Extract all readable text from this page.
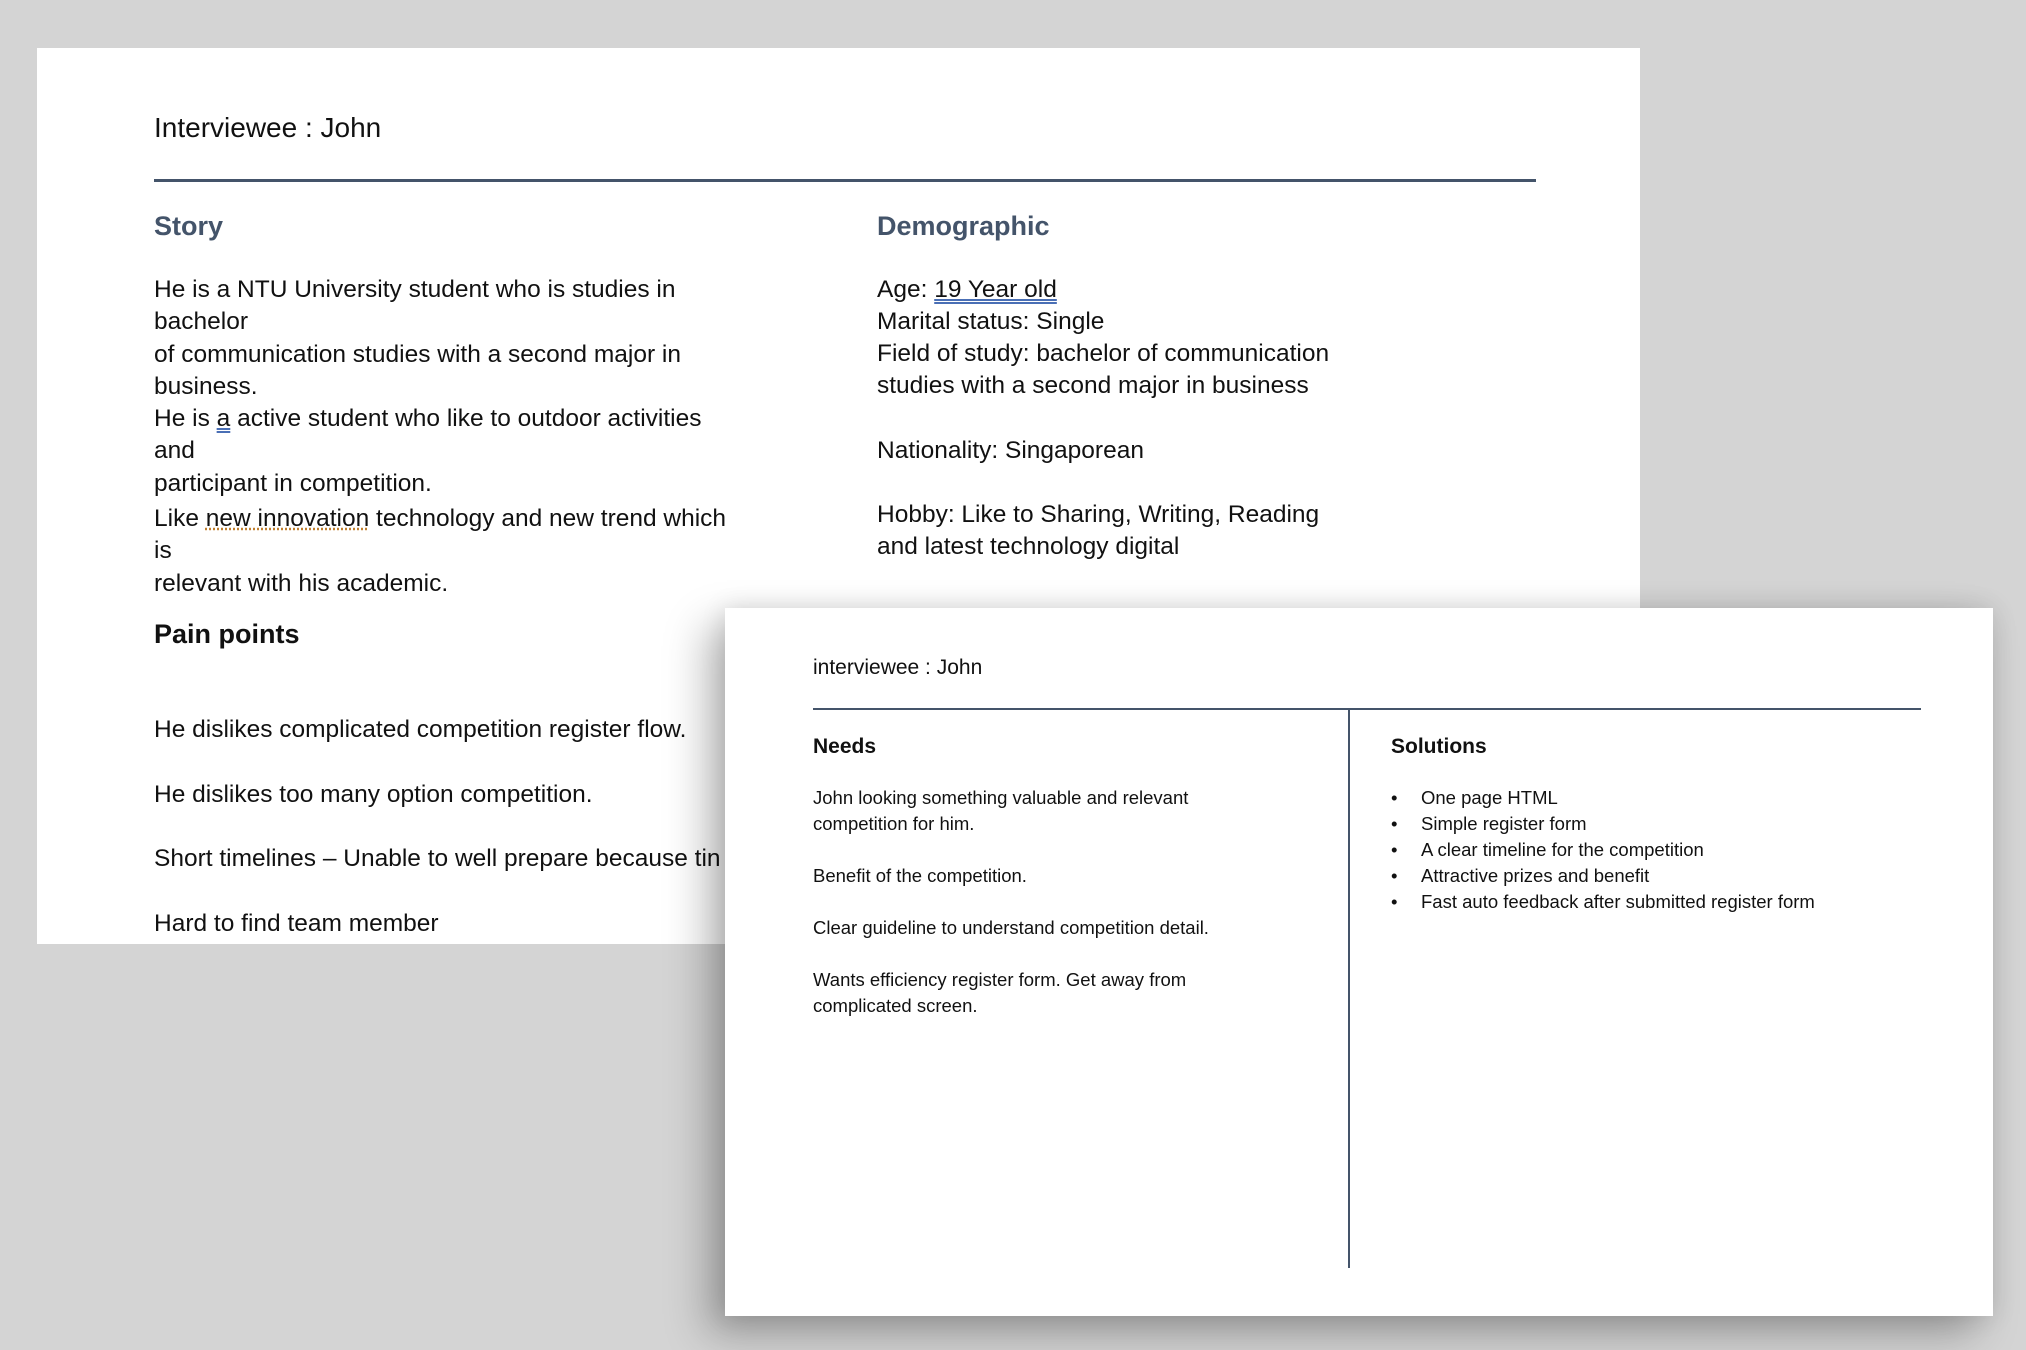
Interviewee : John
Story
He is a NTU University student who is studies in bachelor
of communication studies with a second major in
business.
He is a active student who like to outdoor activities and
participant in competition.
Like new innovation technology and new trend which is
relevant with his academic.
Pain points

He dislikes complicated competition register flow.

He dislikes too many option competition.

Short timelines – Unable to well prepare because tin

Hard to find team member

Demographic
Age: 19 Year old
Marital status: Single
Field of study: bachelor of communication
studies with a second major in business
Nationality: Singaporean
Hobby: Like to Sharing, Writing, Reading
and latest technology digital
interviewee : John
Needs
John looking something valuable and relevant
competition for him.
Benefit of the competition.
Clear guideline to understand competition detail.
Wants efficiency register form. Get away from
complicated screen.
Solutions
• One page HTML
• Simple register form
• A clear timeline for the competition
• Attractive prizes and benefit
• Fast auto feedback after submitted register form
